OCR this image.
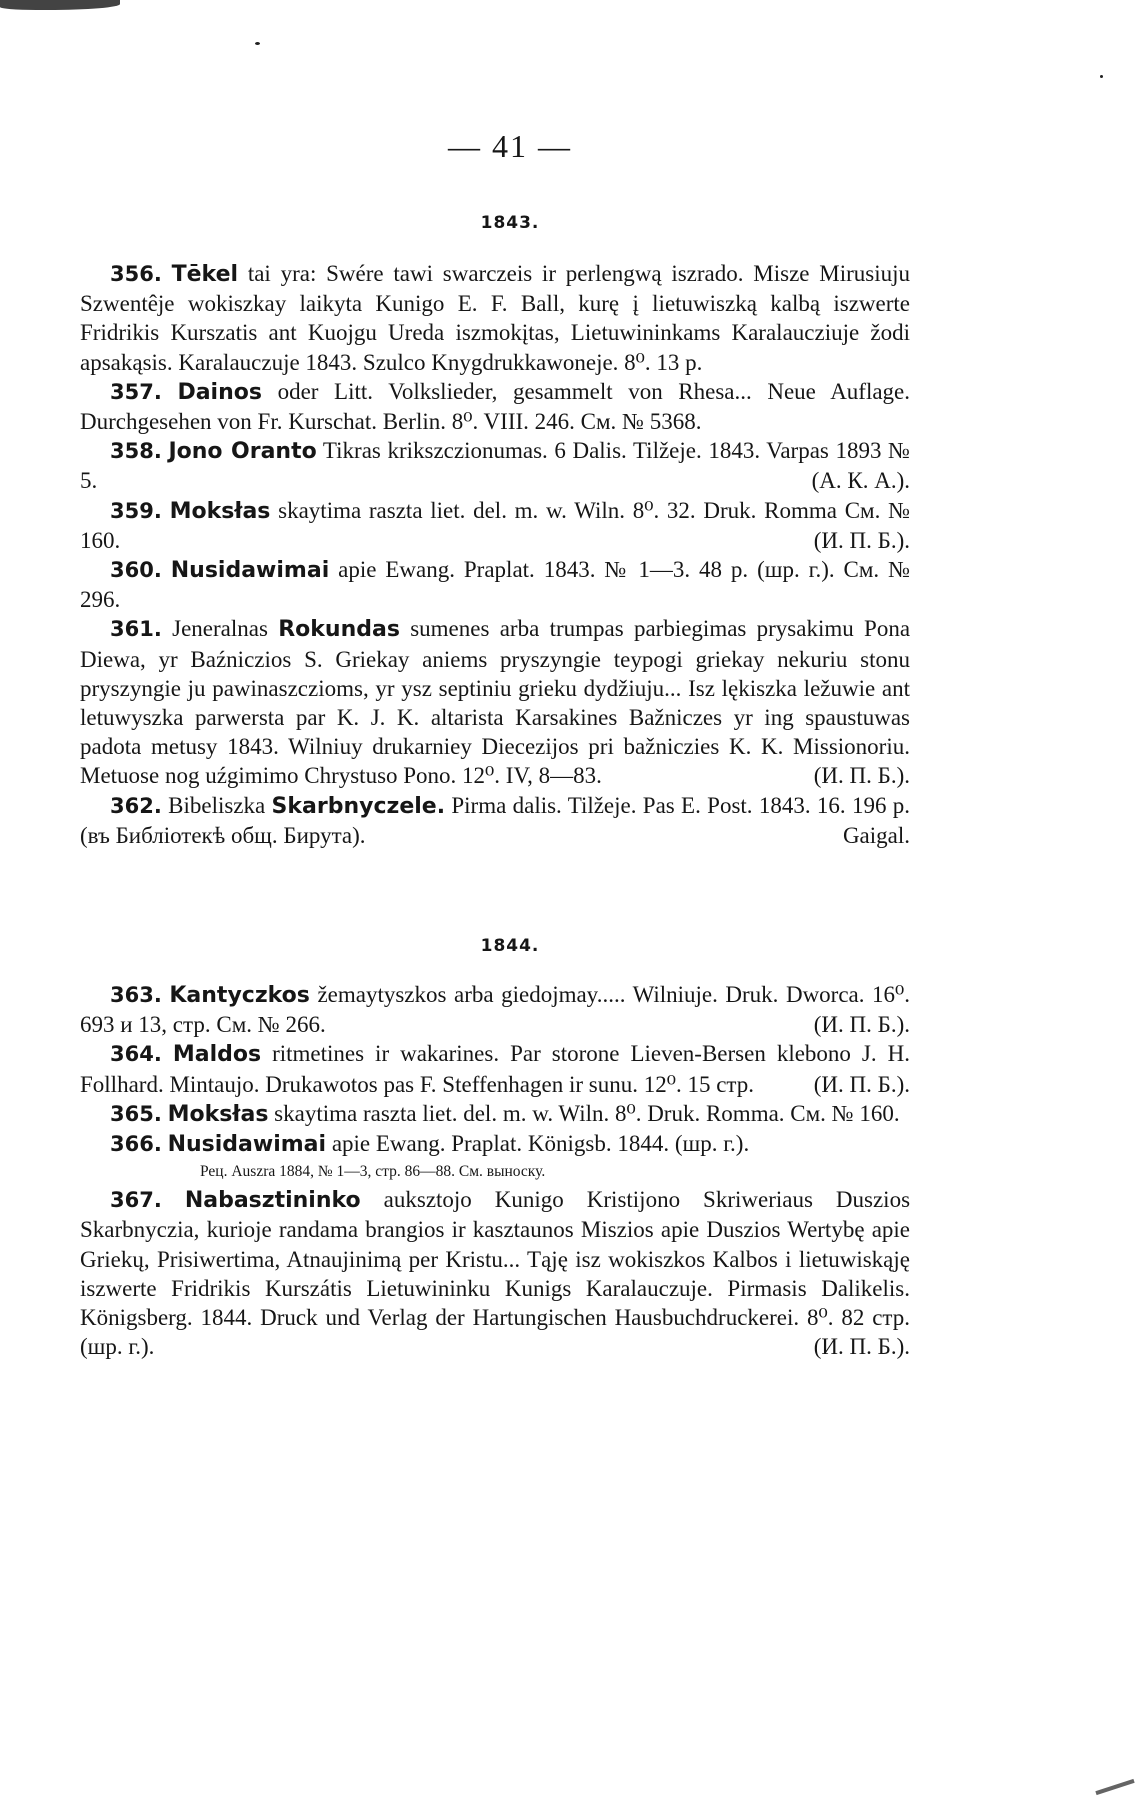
— 41 —
1843.

356. Tēkel tai yra: Swére tawi swarczeis ir perlengwą iszrado. Misze Mirusiuju Szwentêje wokiszkay laikyta Kunigo E. F. Ball, kurę į lietuwiszką kalbą iszwerte Fridrikis Kurszatis ant Kuojgu Ureda iszmokįtas, Lietuwininkams Karalaucziuje žodi apsakąsis. Karalauczuje 1843. Szulco Knygdrukkawoneje. 8⁰. 13 p.

357. Dainos oder Litt. Volkslieder, gesammelt von Rhesa... Neue Auflage. Durchgesehen von Fr. Kurschat. Berlin. 8⁰. VIII. 246. См. № 5368.

358. Jono Oranto Tikras krikszczionumas. 6 Dalis. Tilžeje. 1843. Varpas 1893 № 5.	(А. К. А.).

359. Moksłas skaytima raszta liet. del. m. w. Wiln. 8⁰. 32. Druk. Romma См. № 160.	(И. П. Б.).

360. Nusidawimai apie Ewang. Praplat. 1843. № 1—3. 48 p. (шр. г.). См. № 296.

361. Jeneralnas Rokundas sumenes arba trumpas parbiegimas prysakimu Pona Diewa, yr Baźniczios S. Griekay aniems pryszyngie teypogi griekay nekuriu stonu pryszyngie ju pawinaszczioms, yr ysz septiniu grieku dydžiuju... Isz lękiszka ležuwie ant letuwyszka parwersta par K. J. K. altarista Karsakines Bažniczes yr ing spaustuwas padota metusy 1843. Wilniuy drukarniey Diecezijos pri bažniczies K. K. Missionoriu. Metuose nog uźgimimo Chrystuso Pono. 12⁰. IV, 8—83.	(И. П. Б.).

362. Bibeliszka Skarbnyczele. Pirma dalis. Tilžeje. Pas E. Post. 1843. 16. 196 p. (въ Библіотекѣ общ. Бирута).	Gaigal.

1844.

363. Kantyczkos žemaytyszkos arba giedojmay..... Wilniuje. Druk. Dworca. 16⁰. 693 и 13, стр. См. № 266.	(И. П. Б.).

364. Maldos ritmetines ir wakarines. Par storone Lieven-Bersen klebono J. H. Follhard. Mintaujo. Drukawotos pas F. Steffenhagen ir sunu. 12⁰. 15 стр.	(И. П. Б.).

365. Moksłas skaytima raszta liet. del. m. w. Wiln. 8⁰. Druk. Romma. См. № 160.

366. Nusidawimai apie Ewang. Praplat. Königsb. 1844. (шр. г.).

Рец. Auszra 1884, № 1—3, стр. 86—88. См. выноску.

367. Nabasztininko auksztojo Kunigo Kristijono Skriweriaus Duszios Skarbnyczia, kurioje randama brangios ir kasztaunos Miszios apie Duszios Wertybę apie Griekų, Prisiwertima, Atnaujinimą per Kristu... Tąję isz wokiszkos Kalbos i lietuwiskąję iszwerte Fridrikis Kurszátis Lietuwininku Kunigs Karalauczuje. Pirmasis Dalikelis. Königsberg. 1844. Druck und Verlag der Hartungischen Hausbuchdruckerei. 8⁰. 82 стр. (шр. г.).	(И. П. Б.).
